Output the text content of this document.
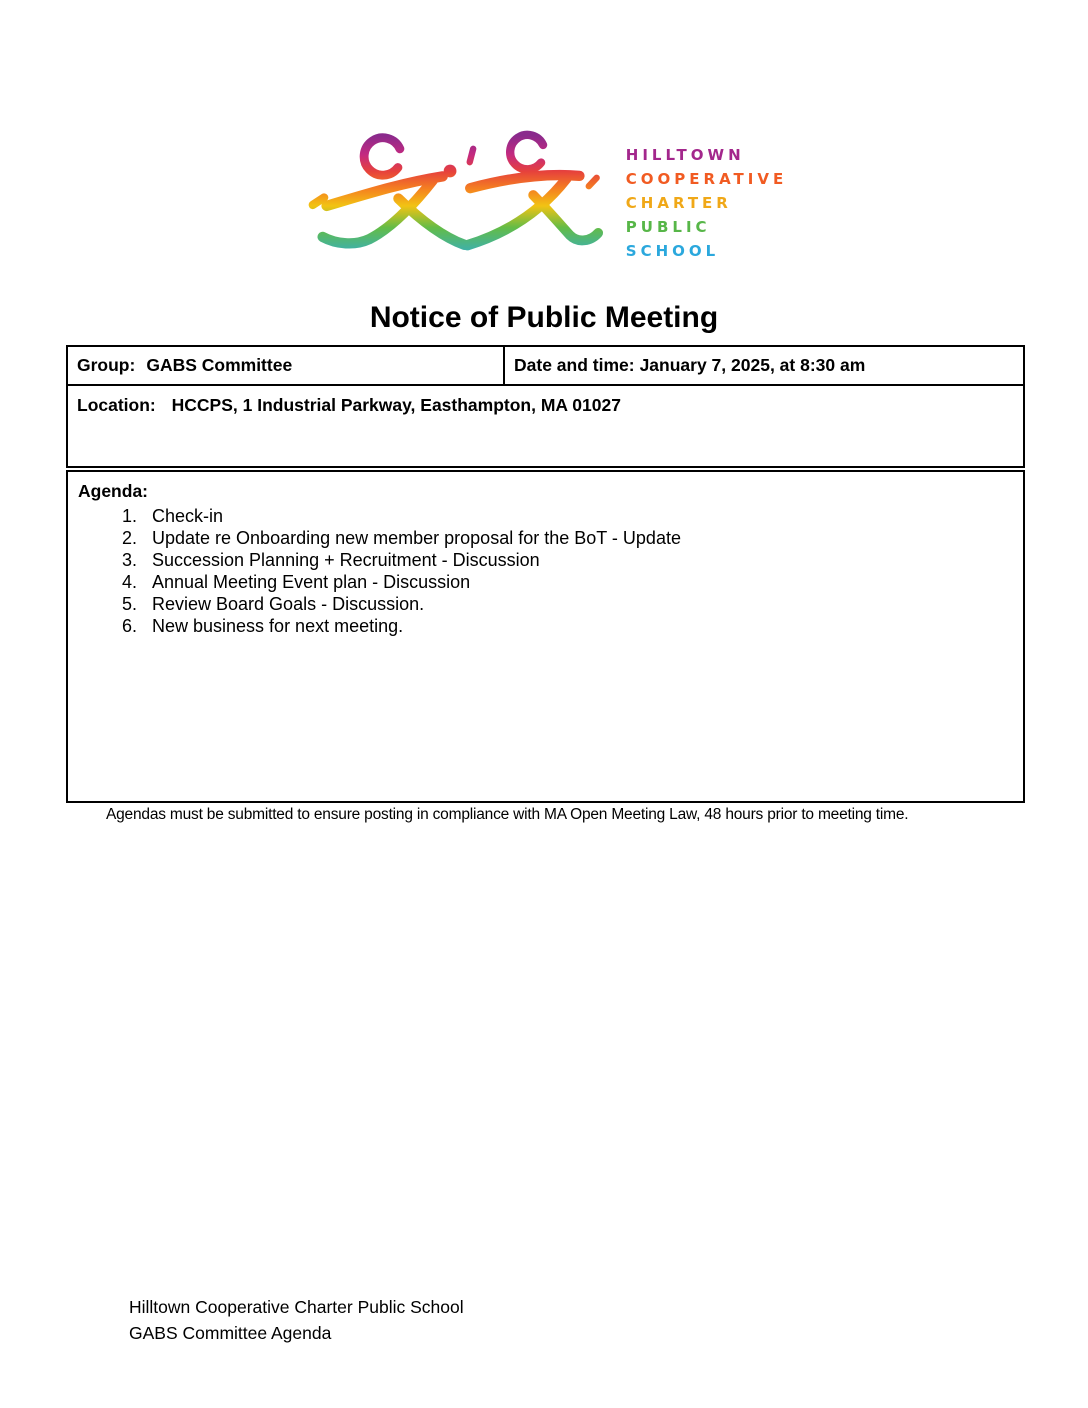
HILLTOWN
COOPERATIVE
CHARTER
PUBLIC
SCHOOL
Notice of Public Meeting
Group: GABS Committee	Date and time: January 7, 2025, at 8:30 am
Location: HCCPS, 1 Industrial Parkway, Easthampton, MA 01027
Agenda:
1. Check-in
2. Update re Onboarding new member proposal for the BoT - Update
3. Succession Planning + Recruitment - Discussion
4. Annual Meeting Event plan - Discussion
5. Review Board Goals - Discussion.
6. New business for next meeting.

Agendas must be submitted to ensure posting in compliance with MA Open Meeting Law, 48 hours prior to meeting time.

Hilltown Cooperative Charter Public School
GABS Committee Agenda
